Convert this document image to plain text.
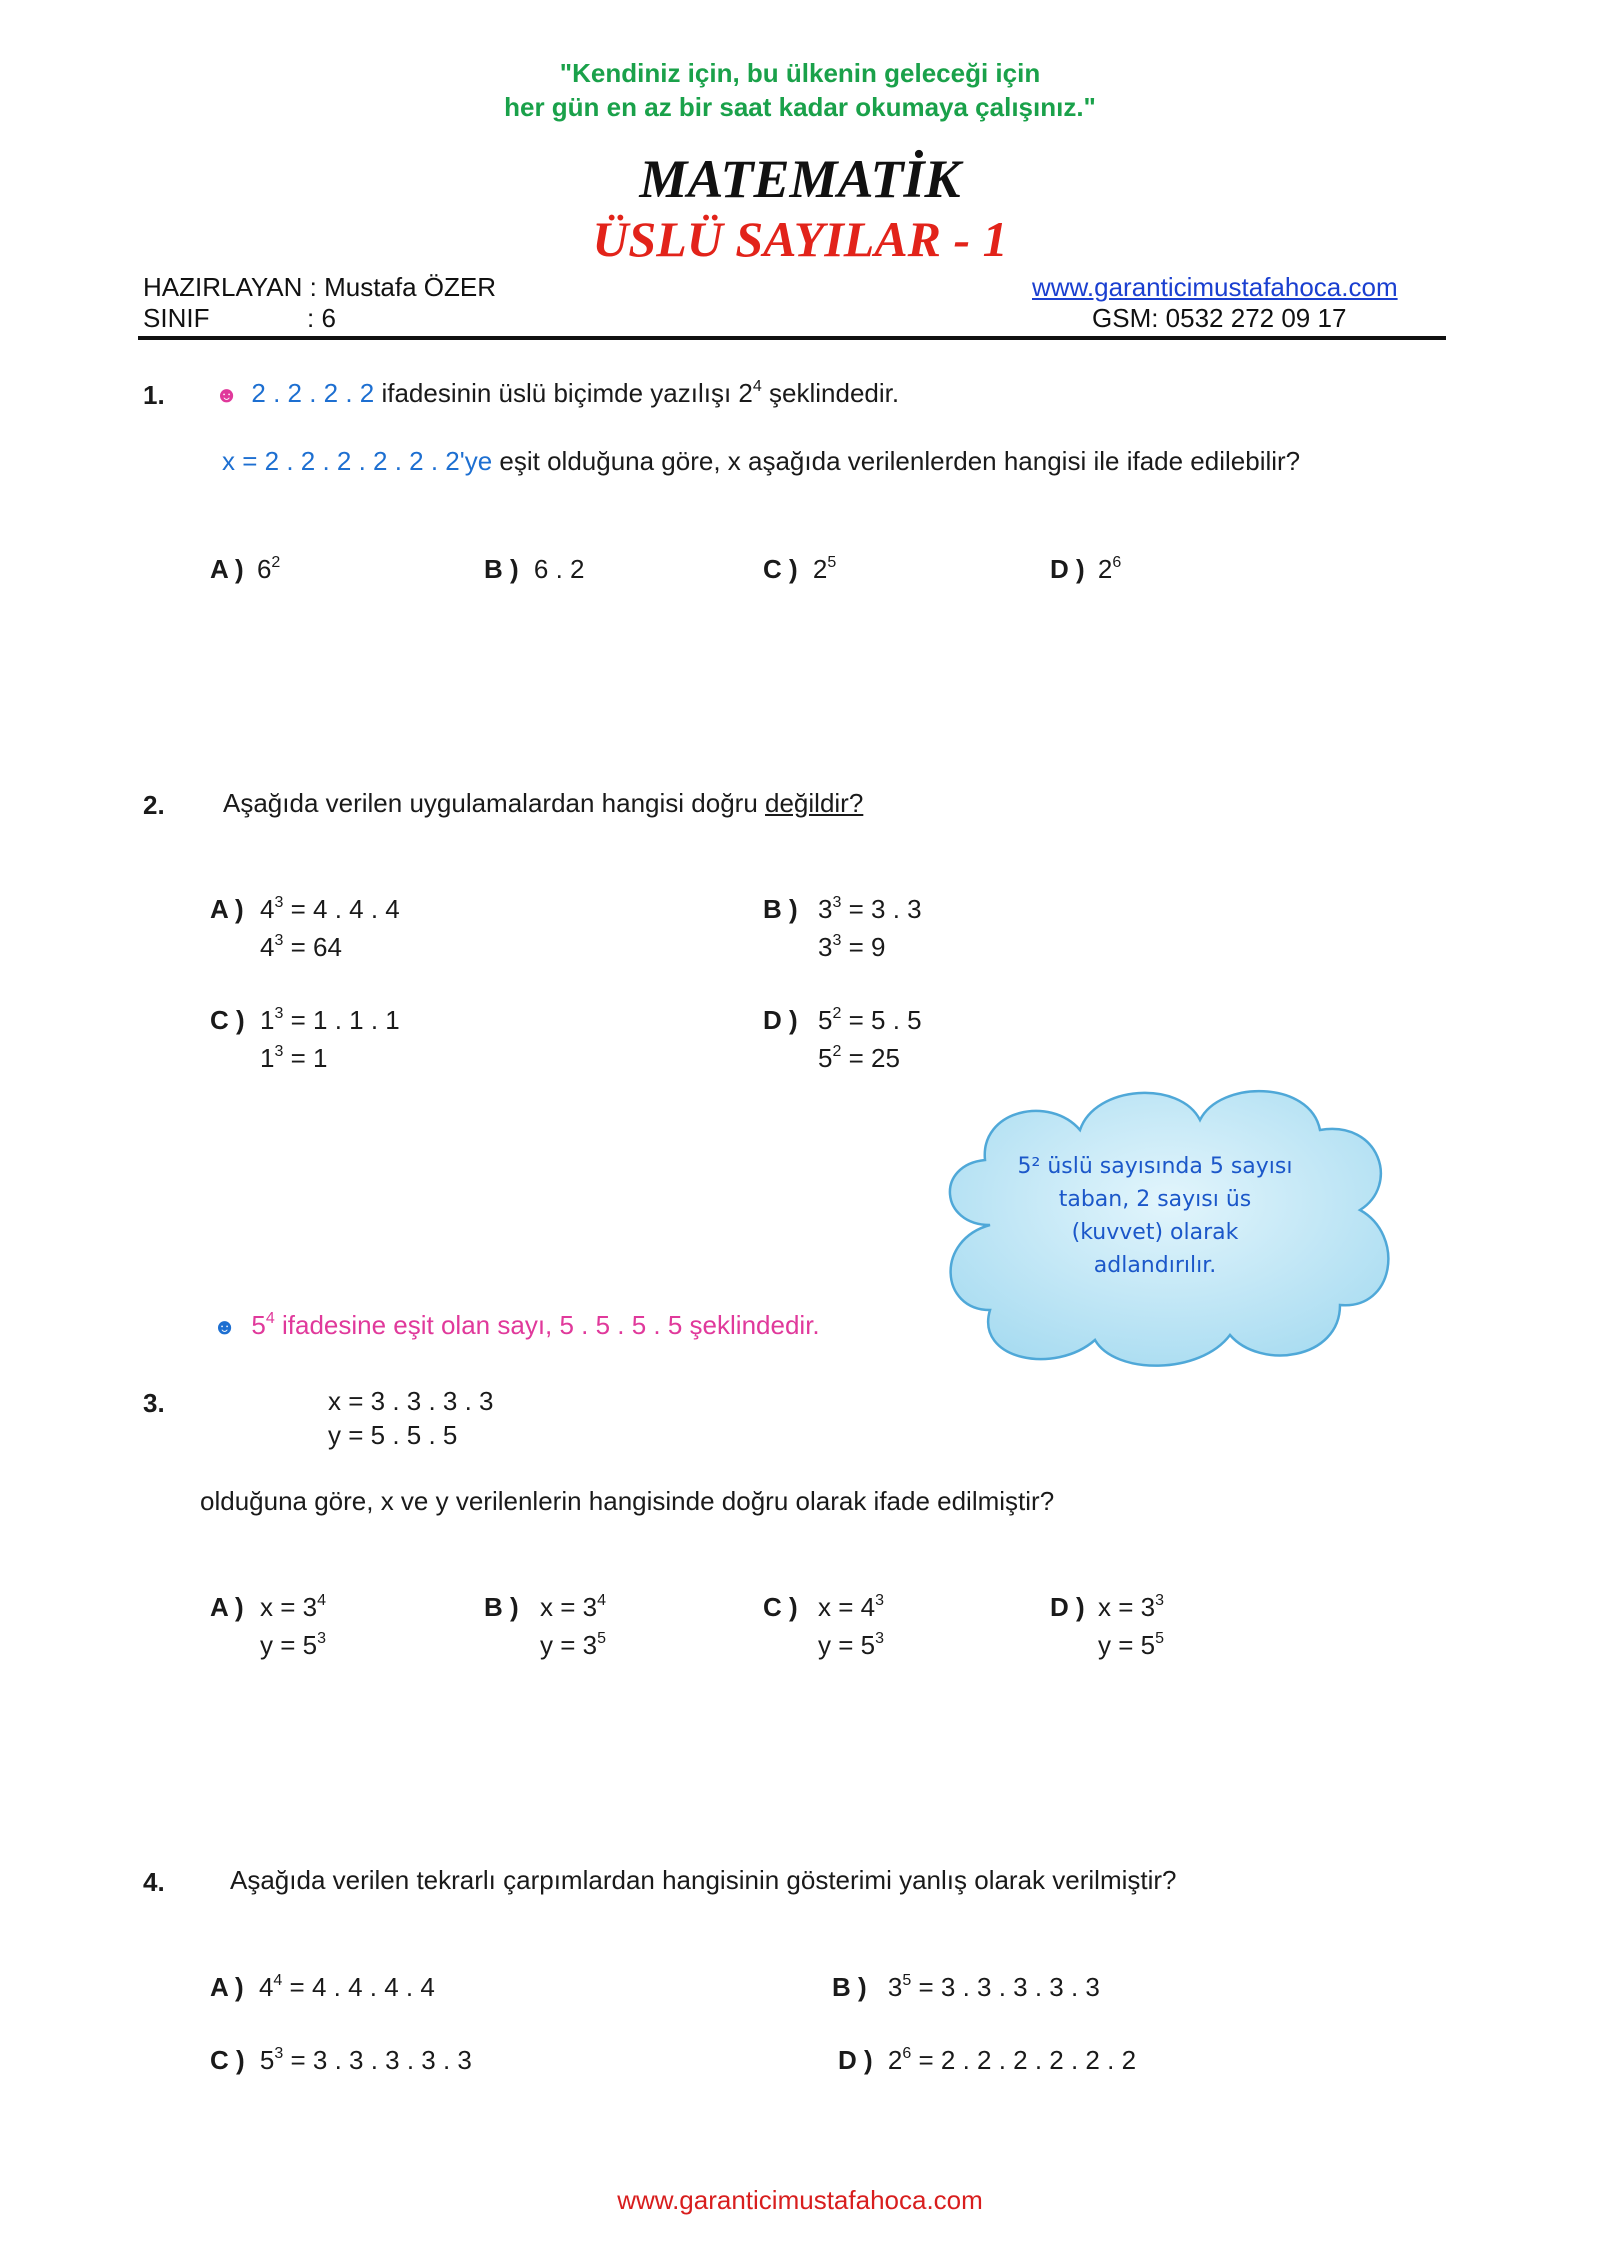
"Kendiniz için, bu ülkenin geleceği için
her gün en az bir saat kadar okumaya çalışınız."
MATEMATİK
ÜSLÜ SAYILAR - 1
HAZIRLAYAN : Mustafa ÖZER
SINIF	: 6
www.garanticimustafahoca.com
GSM: 0532 272 09 17
1. ☻ 2 . 2 . 2 . 2 ifadesinin üslü biçimde yazılışı $2^4$ şeklindedir.
x = 2 . 2 . 2 . 2 . 2 . 2'ye eşit olduğuna göre, x aşağıda verilenlerden hangisi ile ifade edilebilir?
A ) $6^2$	B ) 6 . 2	C ) $2^5$	D ) $2^6$
2. Aşağıda verilen uygulamalardan hangisi doğru değildir?
A ) $4^3 = 4$ . 4 . 4
$4^3 = 64$
B ) $3^3 = 3$ . 3
$3^3 = 9$
C ) $1^3 = 1$ . 1 . 1
$1^3 = 1$
D ) $5^2 = 5$ . 5
$5^2 = 25$
5² üslü sayısında 5 sayısı taban, 2 sayısı üs (kuvvet) olarak adlandırılır.
☻ $5^4$ ifadesine eşit olan sayı, 5 . 5 . 5 . 5 şeklindedir.
3.	x = 3 . 3 . 3 . 3
y = 5 . 5 . 5
olduğuna göre, x ve y verilenlerin hangisinde doğru olarak ifade edilmiştir?
A ) $x = 3^4$
$y = 5^3$
B ) $x = 3^4$
$y = 3^5$
C ) $x = 4^3$
$y = 5^3$
D ) $x = 3^3$
$y = 5^5$
4.	Aşağıda verilen tekrarlı çarpımlardan hangisinin gösterimi yanlış olarak verilmiştir?
A ) $4^4 = 4$ . 4 . 4 . 4	B ) $3^5 = 3$ . 3 . 3 . 3 . 3
C ) $5^3 = 3$ . 3 . 3 . 3 . 3	D ) $2^6 = 2$ . 2 . 2 . 2 . 2 . 2
www.garanticimustafahoca.com
